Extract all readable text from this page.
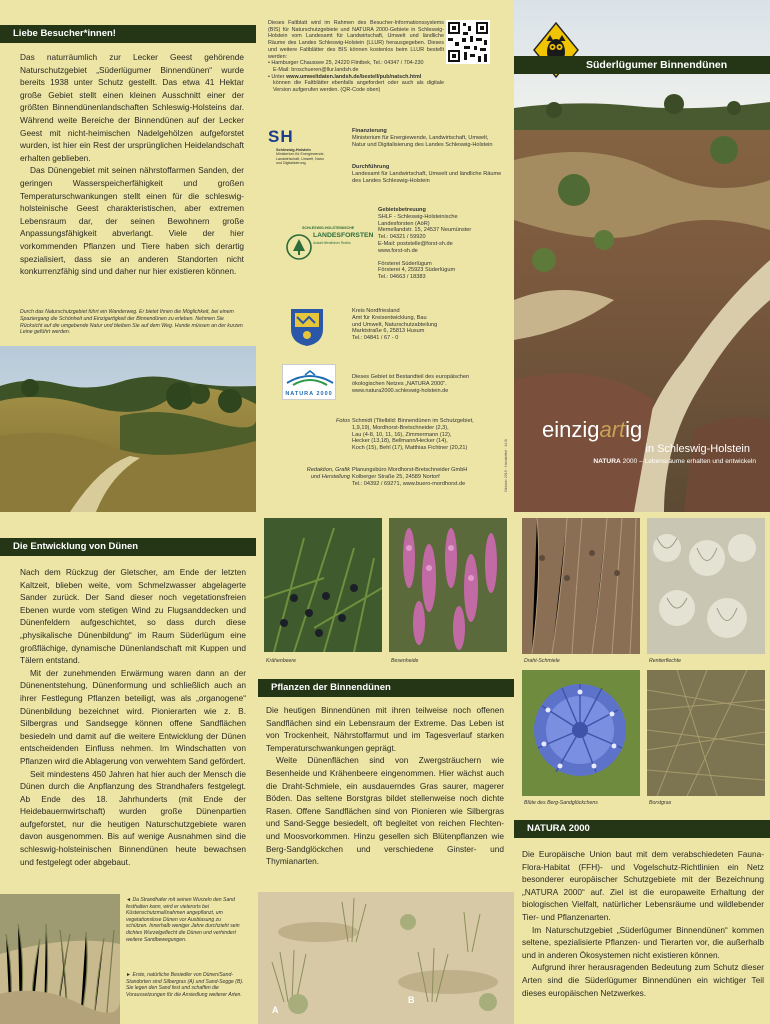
Liebe Besucher*innen!

Das naturräumlich zur Lecker Geest gehörende Naturschutzgebiet „Süderlügumer Binnendünen“ wurde bereits 1938 unter Schutz gestellt. Das etwa 41 Hektar große Gebiet stellt einen kleinen Ausschnitt einer der größten Binnendünenlandschaften Schleswig-Holsteins dar. Während weite Bereiche der Binnendünen auf der Lecker Geest mit nicht-heimischen Nadelgehölzen aufgeforstet wurden, ist hier ein Rest der ursprünglichen Heidelandschaft erhalten geblieben.

Das Dünengebiet mit seinen nährstoffarmen Sanden, der geringen Wasserspeicherfähigkeit und großen Temperaturschwankungen stellt einen für die schleswig-holsteinische Geest charakteristischen, aber extremen Lebensraum dar, der seinen Bewohnern große Anpassungsfähigkeit abverlangt. Viele der hier vorkommenden Pflanzen und Tiere haben sich derartig spezialisiert, dass sie an anderen Standorten nicht konkurrenzfähig sind und daher nur hier existieren können.

Durch das Naturschutzgebiet führt ein Wanderweg. Er bietet Ihnen die Möglichkeit, bei einem Spaziergang die Schönheit und Einzigartigkeit der Binnendünen zu erleben. Nehmen Sie Rücksicht auf die umgebende Natur und bleiben Sie auf dem Weg. Hunde müssen an der kurzen Leine geführt werden.
Dieses Faltblatt wird im Rahmen des Besucher-Informationssystems (BIS) für Naturschutzgebiete und NATURA 2000-Gebiete in Schleswig-Holstein vom Landesamt für Landwirtschaft, Umwelt und ländliche Räume des Landes Schleswig-Holstein (LLUR) herausgegeben. Dieses und weitere Faltblätter des BIS können kostenlos beim LLUR bestellt werden:
• Hamburger Chaussee 25, 24220 Flintbek, Tel.: 04347 / 704-230
E-Mail: broschueren@llur.landsh.de
• Unter www.umweltdaten.landsh.de/bestell/pub/natsch.html

können die Faltblätter ebenfalls angefordert oder auch als digitale Version aufgerufen werden. (QR-Code oben)
SH
Schleswig-Holstein
Ministerium für Energiewende, Landwirtschaft, Umwelt, Natur und Digitalisierung
Finanzierung
Ministerium für Energiewende, Landwirtschaft, Umwelt, Natur und Digitalisierung des Landes Schleswig-Holstein
Durchführung
Landesamt für Landwirtschaft, Umwelt und ländliche Räume des Landes Schleswig-Holstein
SCHLESWIG-HOLSTEINISCHE
LANDESFORSTEN
Anstalt öffentlichen Rechts
Gebietsbetreuung
SHLF - Schleswig-Holsteinische
Landesforsten (AöR)
Memellandstr. 15, 24537 Neumünster
Tel.: 04321 / 59920
E-Mail: poststelle@forst-sh.de
www.forst-sh.de
Försterei Süderlügum
Försterei 4, 25923 Süderlügum
Tel.: 04663 / 18383
Kreis Nordfriesland
Amt für Kreisentwicklung, Bau
und Umwelt, Naturschutzabteilung
Marktstraße 6, 25813 Husum
Tel.: 04841 / 67 - 0
NATURA 2000
Dieses Gebiet ist Bestandteil des europäischen
ökologischen Netzes „NATURA 2000“.
www.natura2000.schleswig-holstein.de
Fotos Schmidt (Titelbild: Binnendünen im Schutzgebiet,
1,9,19), Mordhorst-Bretschneider (2,3),
Lau (4-8, 10, 11, 16), Zimmermann (12),
Hecker (13,18), Bellmann/Hecker (14),
Koch (15), Behl (17), Matthias Fichtner (20,21)
Redaktion, Grafik
und Herstellung
Planungsbüro Mordhorst-Bretschneider GmbH
Kolberger Straße 25, 24589 Nortorf
Tel.: 04392 / 69271, www.buero-mordhorst.de	Oktober 2019 · Handzettel · 14-B
Süderlügumer Binnendünen
einzigartig
in Schleswig-Holstein
NATURA 2000 – Lebensräume erhalten und entwickeln
Die Entwicklung von Dünen

Nach dem Rückzug der Gletscher, am Ende der letzten Kaltzeit, blieben weite, vom Schmelzwasser abgelagerte Sander zurück. Der Sand dieser noch vegetationsfreien Ebenen wurde vom stetigen Wind zu Flugsanddecken und Dünenfeldern aufgeschichtet, so dass durch diese „physikalische Dünenbildung“ im Raum Süderlügum eine großflächige, dynamische Dünenlandschaft mit Kuppen und Tälern entstand.

Mit der zunehmenden Erwärmung waren dann an der Dünenentstehung, Dünenformung und schließlich auch an ihrer Festlegung Pflanzen beteiligt, was als „organogene“ Dünenbildung bezeichnet wird. Pionierarten wie z. B. Silbergras und Sandsegge können offene Sandflächen besiedeln und damit auf die weitere Entwicklung der Dünen entscheidenden Einfluss nehmen. Im Windschatten von Pflanzen wird die Ablagerung von verwehtem Sand gefördert.

Seit mindestens 450 Jahren hat hier auch der Mensch die Dünen durch die Anpflanzung des Strandhafers festgelegt. Ab Ende des 18. Jahrhunderts (mit Ende der Heidebauernwirtschaft) wurden große Dünenpartien aufgeforstet, nur die heutigen Naturschutzgebiete waren davon ausgenommen. Bis auf wenige Ausnahmen sind die schleswig-holsteinischen Binnendünen heute bewachsen und festgelegt oder abgebaut.

◄ Da Strandhafer mit seinen Wurzeln den Sand festhalten kann, wird er vielerorts bei Küstenschutzmaßnahmen angepflanzt, um vegetationslose Dünen vor Ausblasung zu schützen. Innerhalb weniger Jahre durchzieht sein dichtes Wurzelgeflecht die Dünen und verhindert weitere Sandbewegungen.
► Erste, natürliche Besiedler von Dünen/Sand-Standorten sind Silbergras (A) und Sand-Segge (B). Sie legen den Sand fest und schaffen die Voraussetzungen für die Ansiedlung weiterer Arten.
Krähenbeere	Besenheide
Pflanzen der Binnendünen

Die heutigen Binnendünen mit ihren teilweise noch offenen Sandflächen sind ein Lebensraum der Extreme. Das Leben ist von Trockenheit, Nährstoffarmut und im Tagesverlauf starken Temperaturschwankungen geprägt.

Weite Dünenflächen sind von Zwergsträuchern wie Besenheide und Krähenbeere eingenommen. Hier wächst auch die Draht-Schmiele, ein ausdauerndes Gras saurer, magerer Böden. Das seltene Borstgras bildet stellenweise noch dichte Rasen. Offene Sandflächen sind von Pionieren wie Silbergras und Sand-Segge besiedelt, oft begleitet von reichen Flechten- und Moosvorkommen. Hinzu gesellen sich Blütenpflanzen wie Berg-Sandglöckchen und verschiedene Ginster- und Thymianarten.

A
B
Draht-Schmiele	Rentierflechte
Blüte des Berg-Sandglöckchens	Borstgras
NATURA 2000

Die Europäische Union baut mit dem verabschiedeten Fauna-Flora-Habitat (FFH)- und Vogelschutz-Richtlinien ein Netz besonderer europäischer Schutzgebiete mit der Bezeichnung „NATURA 2000“ auf. Ziel ist die europaweite Erhaltung der biologischen Vielfalt, natürlicher Lebensräume und wildlebender Tier- und Pflanzenarten.

Im Naturschutzgebiet „Süderlügumer Binnendünen“ kommen seltene, spezialisierte Pflanzen- und Tierarten vor, die außerhalb und in anderen Ökosystemen nicht existieren können.

Aufgrund ihrer herausragenden Bedeutung zum Schutz dieser Arten sind die Süderlügumer Binnendünen ein wichtiger Teil dieses europäischen Netzwerkes.
